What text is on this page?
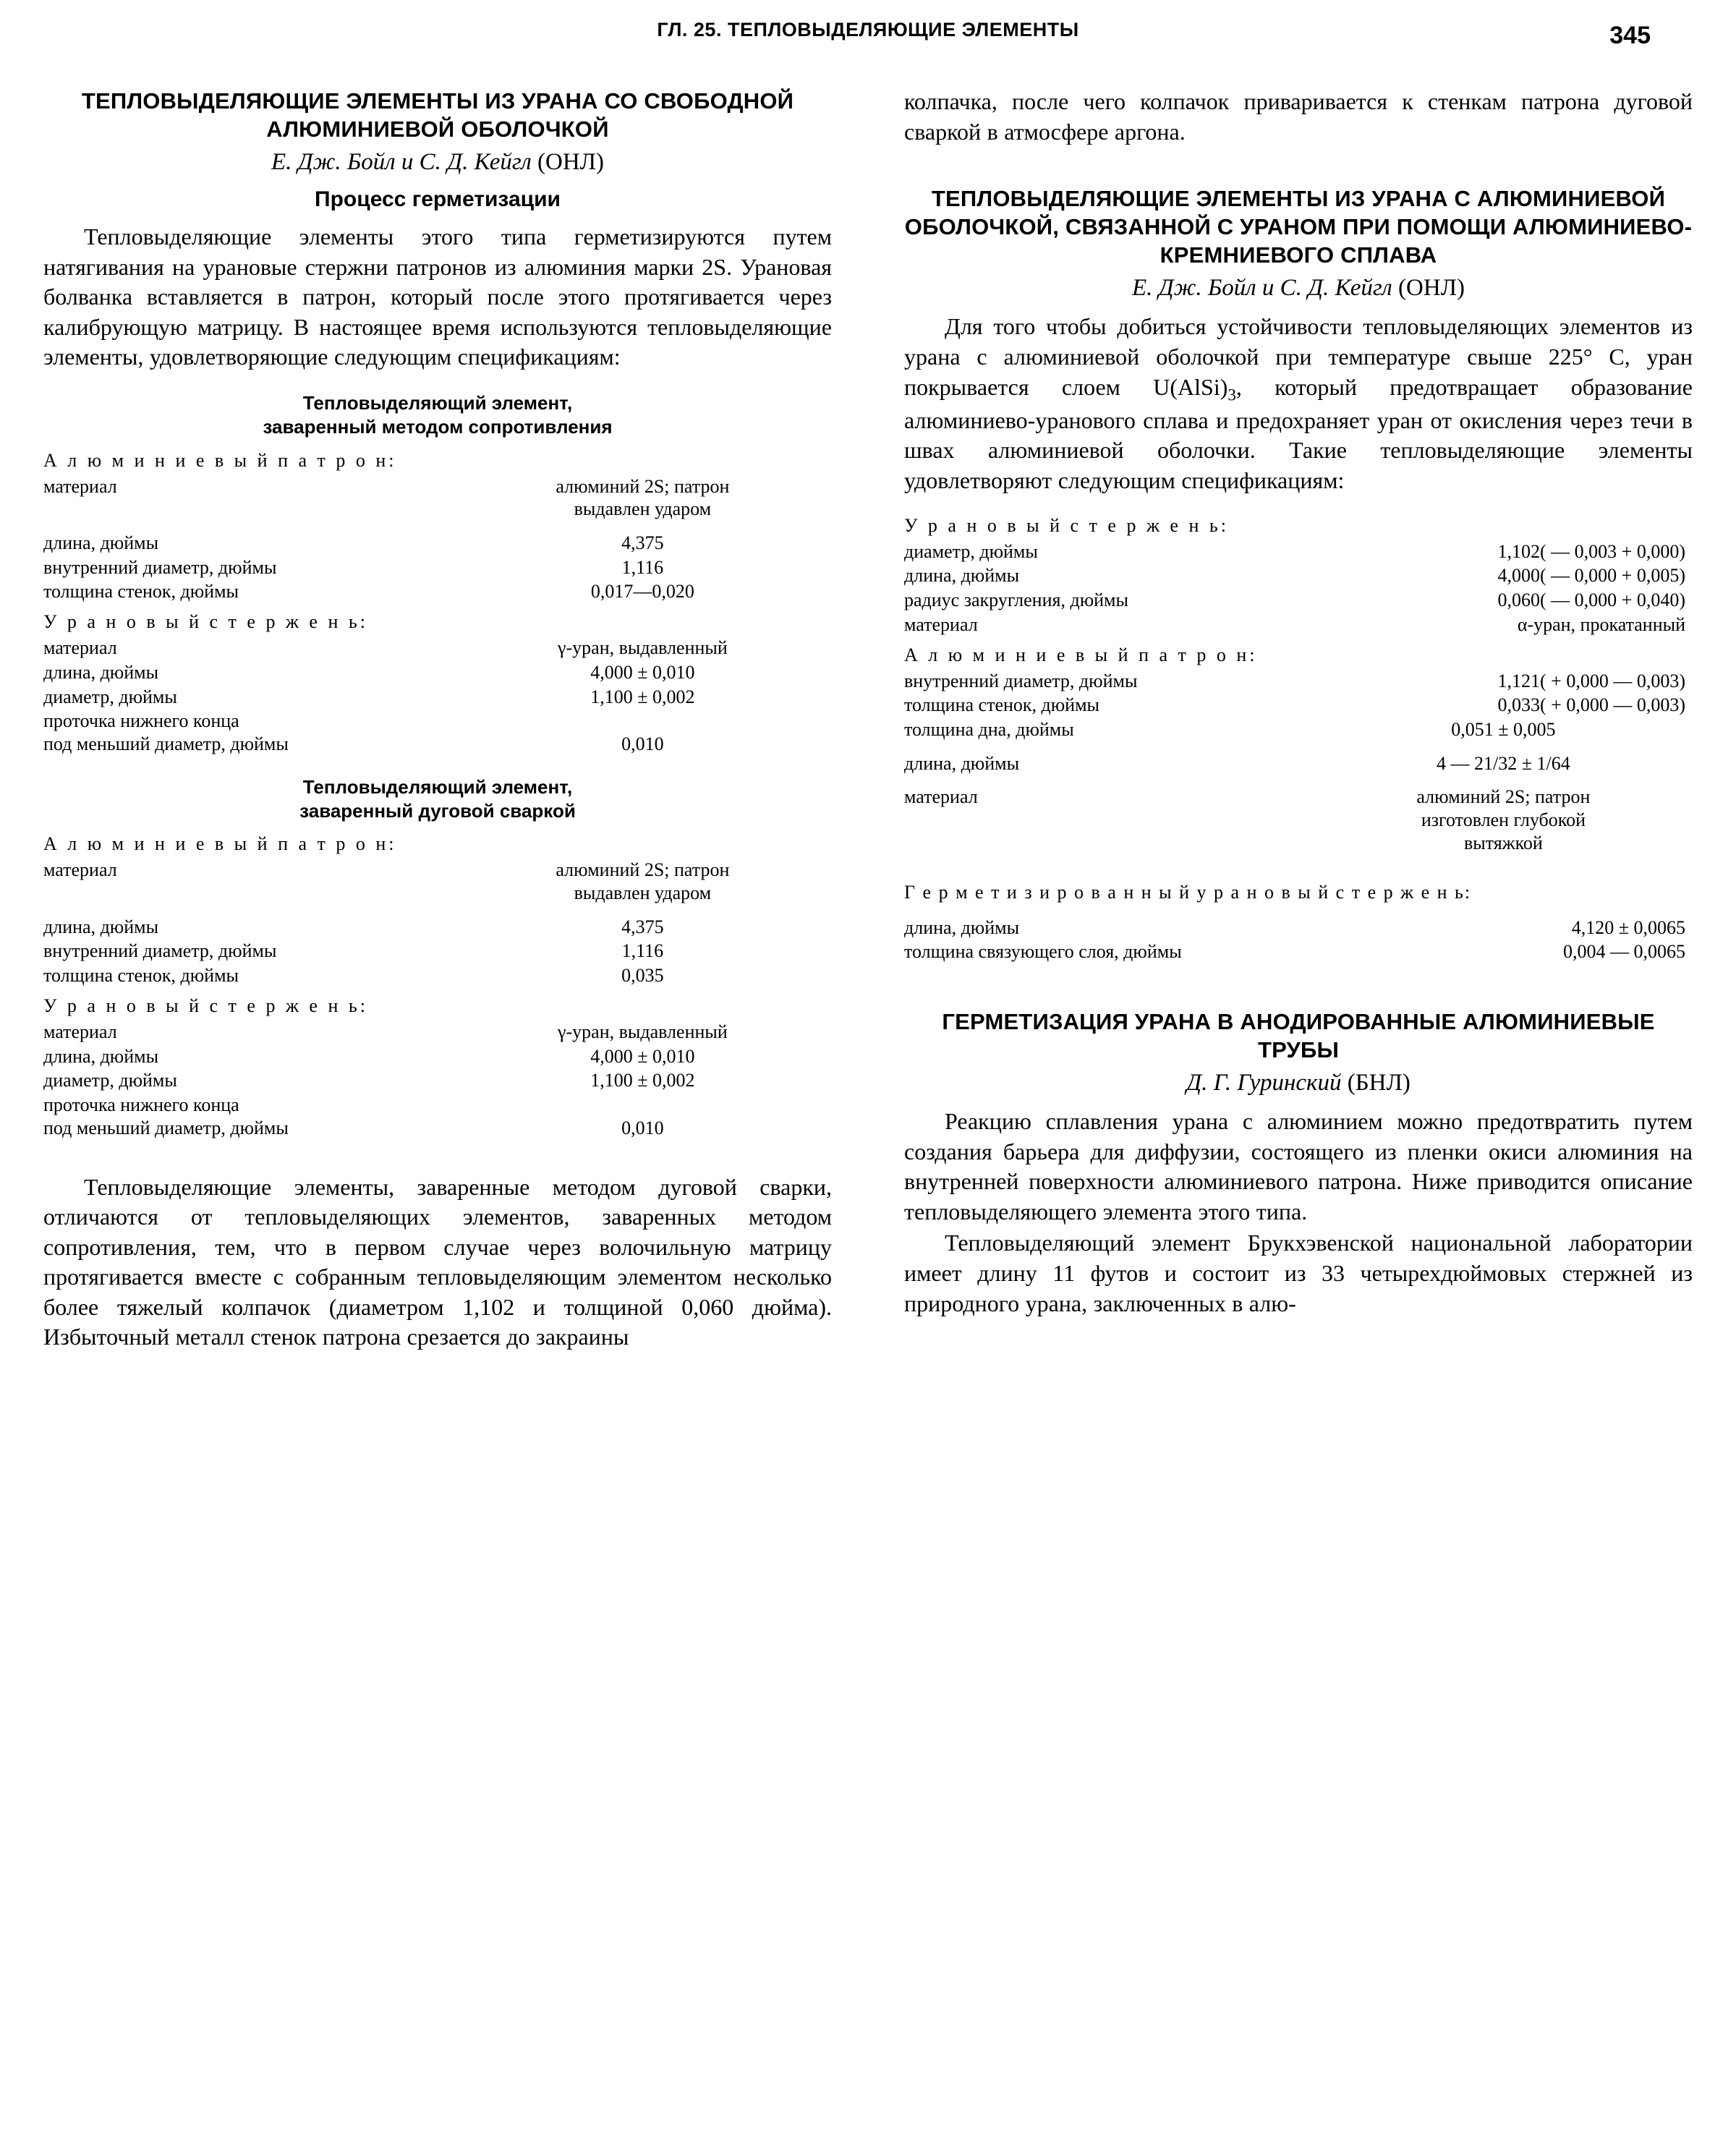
ГЛ. 25. ТЕПЛОВЫДЕЛЯЮЩИЕ ЭЛЕМЕНТЫ	345
ТЕПЛОВЫДЕЛЯЮЩИЕ ЭЛЕМЕНТЫ ИЗ УРАНА СО СВОБОДНОЙ АЛЮМИНИЕВОЙ ОБОЛОЧКОЙ
Е. Дж. Бойл и С. Д. Кейгл (ОНЛ)
Процесс герметизации

Тепловыделяющие элементы этого типа герметизируются путем натягивания на урановые стержни патронов из алюминия марки 2S. Урановая болванка вставляется в патрон, который после этого протягивается через калибрующую матрицу. В настоящее время используются тепловыделяющие элементы, удовлетворяющие следующим спецификациям:

Тепловыделяющий элемент,
заваренный методом сопротивления
А л ю м и н и е в ы й п а т р о н:
материал	алюминий 2S; патрон
выдавлен ударом
длина, дюймы	4,375
внутренний диаметр, дюймы	1,116
толщина стенок, дюймы	0,017—0,020
У р а н о в ы й с т е р ж е н ь:
материал	γ-уран, выдавленный
длина, дюймы	4,000 ± 0,010
диаметр, дюймы	1,100 ± 0,002
проточка нижнего конца
под меньший диаметр, дюймы	0,010
Тепловыделяющий элемент,
заваренный дуговой сваркой
А л ю м и н и е в ы й п а т р о н:
материал	алюминий 2S; патрон
выдавлен ударом
длина, дюймы	4,375
внутренний диаметр, дюймы	1,116
толщина стенок, дюймы	0,035
У р а н о в ы й с т е р ж е н ь:
материал	γ-уран, выдавленный
длина, дюймы	4,000 ± 0,010
диаметр, дюймы	1,100 ± 0,002
проточка нижнего конца
под меньший диаметр, дюймы	0,010

Тепловыделяющие элементы, заваренные методом дуговой сварки, отличаются от тепловыделяющих элементов, заваренных методом сопротивления, тем, что в первом случае через волочильную матрицу протягивается вместе с собранным тепловыделяющим элементом несколько более тяжелый колпачок (диаметром 1,102 и толщиной 0,060 дюйма). Избыточный металл стенок патрона срезается до закраины

колпачка, после чего колпачок приваривается к стенкам патрона дуговой сваркой в атмосфере аргона.

ТЕПЛОВЫДЕЛЯЮЩИЕ ЭЛЕМЕНТЫ ИЗ УРАНА С АЛЮМИНИЕВОЙ ОБОЛОЧКОЙ, СВЯЗАННОЙ С УРАНОМ ПРИ ПОМОЩИ АЛЮМИНИЕВО-КРЕМНИЕВОГО СПЛАВА
Е. Дж. Бойл и С. Д. Кейгл (ОНЛ)

Для того чтобы добиться устойчивости тепловыделяющих элементов из урана с алюминиевой оболочкой при температуре свыше 225° С, уран покрывается слоем $U(AlSi)_3$, который предотвращает образование алюминиево-уранового сплава и предохраняет уран от окисления через течи в швах алюминиевой оболочки. Такие тепловыделяющие элементы удовлетворяют следующим спецификациям:

У р а н о в ы й с т е р ж е н ь:
диаметр, дюймы	1,102( — 0,003 + 0,000)
длина, дюймы	4,000( — 0,000 + 0,005)
радиус закругления, дюймы	0,060( — 0,000 + 0,040)
материал	α-уран, прокатанный
А л ю м и н и е в ы й п а т р о н:
внутренний диаметр, дюймы	1,121( + 0,000 — 0,003)
толщина стенок, дюймы	0,033( + 0,000 — 0,003)
толщина дна, дюймы	0,051 ± 0,005
длина, дюймы	4 — 21/32 ± 1/64
материал	алюминий 2S; патрон
изготовлен глубокой
вытяжкой
Г е р м е т и з и р о в а н н ы й у р а н о в ы й с т е р ж е н ь:
длина, дюймы	4,120 ± 0,0065
толщина связующего слоя, дюймы	0,004 — 0,0065
ГЕРМЕТИЗАЦИЯ УРАНА В АНОДИРОВАННЫЕ АЛЮМИНИЕВЫЕ ТРУБЫ
Д. Г. Гуринский (БНЛ)

Реакцию сплавления урана с алюминием можно предотвратить путем создания барьера для диффузии, состоящего из пленки окиси алюминия на внутренней поверхности алюминиевого патрона. Ниже приводится описание тепловыделяющего элемента этого типа.

Тепловыделяющий элемент Брукхэвенской национальной лаборатории имеет длину 11 футов и состоит из 33 четырехдюймовых стержней из природного урана, заключенных в алю-
